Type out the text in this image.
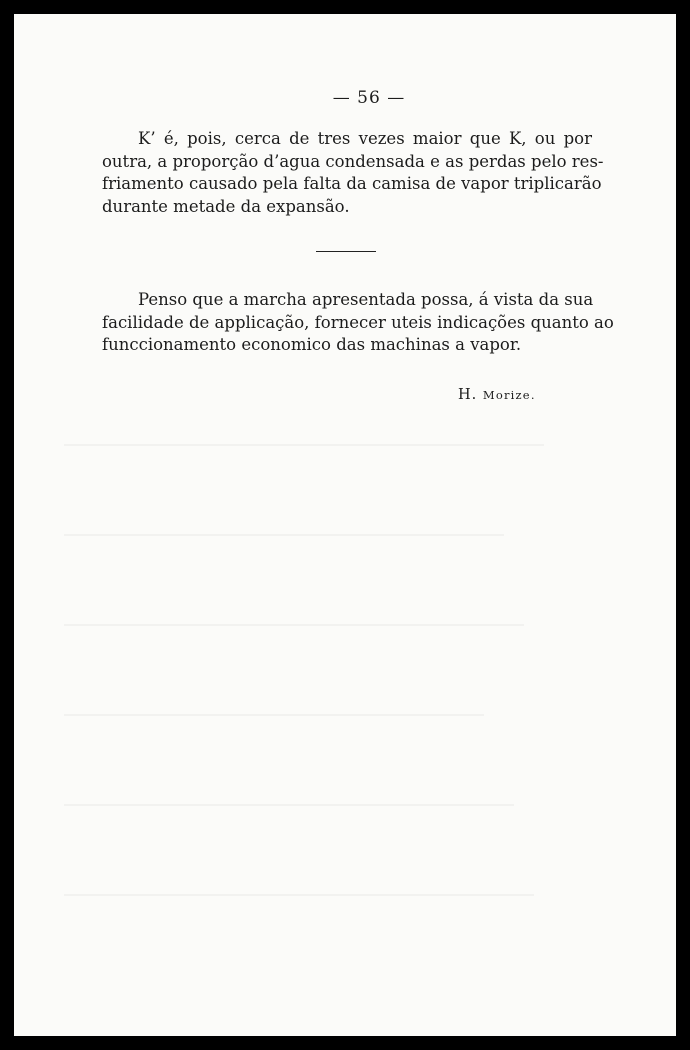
— 56 —
K’ é, pois, cerca de tres vezes maior que K, ou por
outra, a proporção d’agua condensada e as perdas pelo res-
friamento causado pela falta da camisa de vapor triplicarão
durante metade da expansão.
Penso que a marcha apresentada possa, á vista da sua
facilidade de applicação, fornecer uteis indicações quanto ao
funccionamento economico das machinas a vapor.
H. Morize.
